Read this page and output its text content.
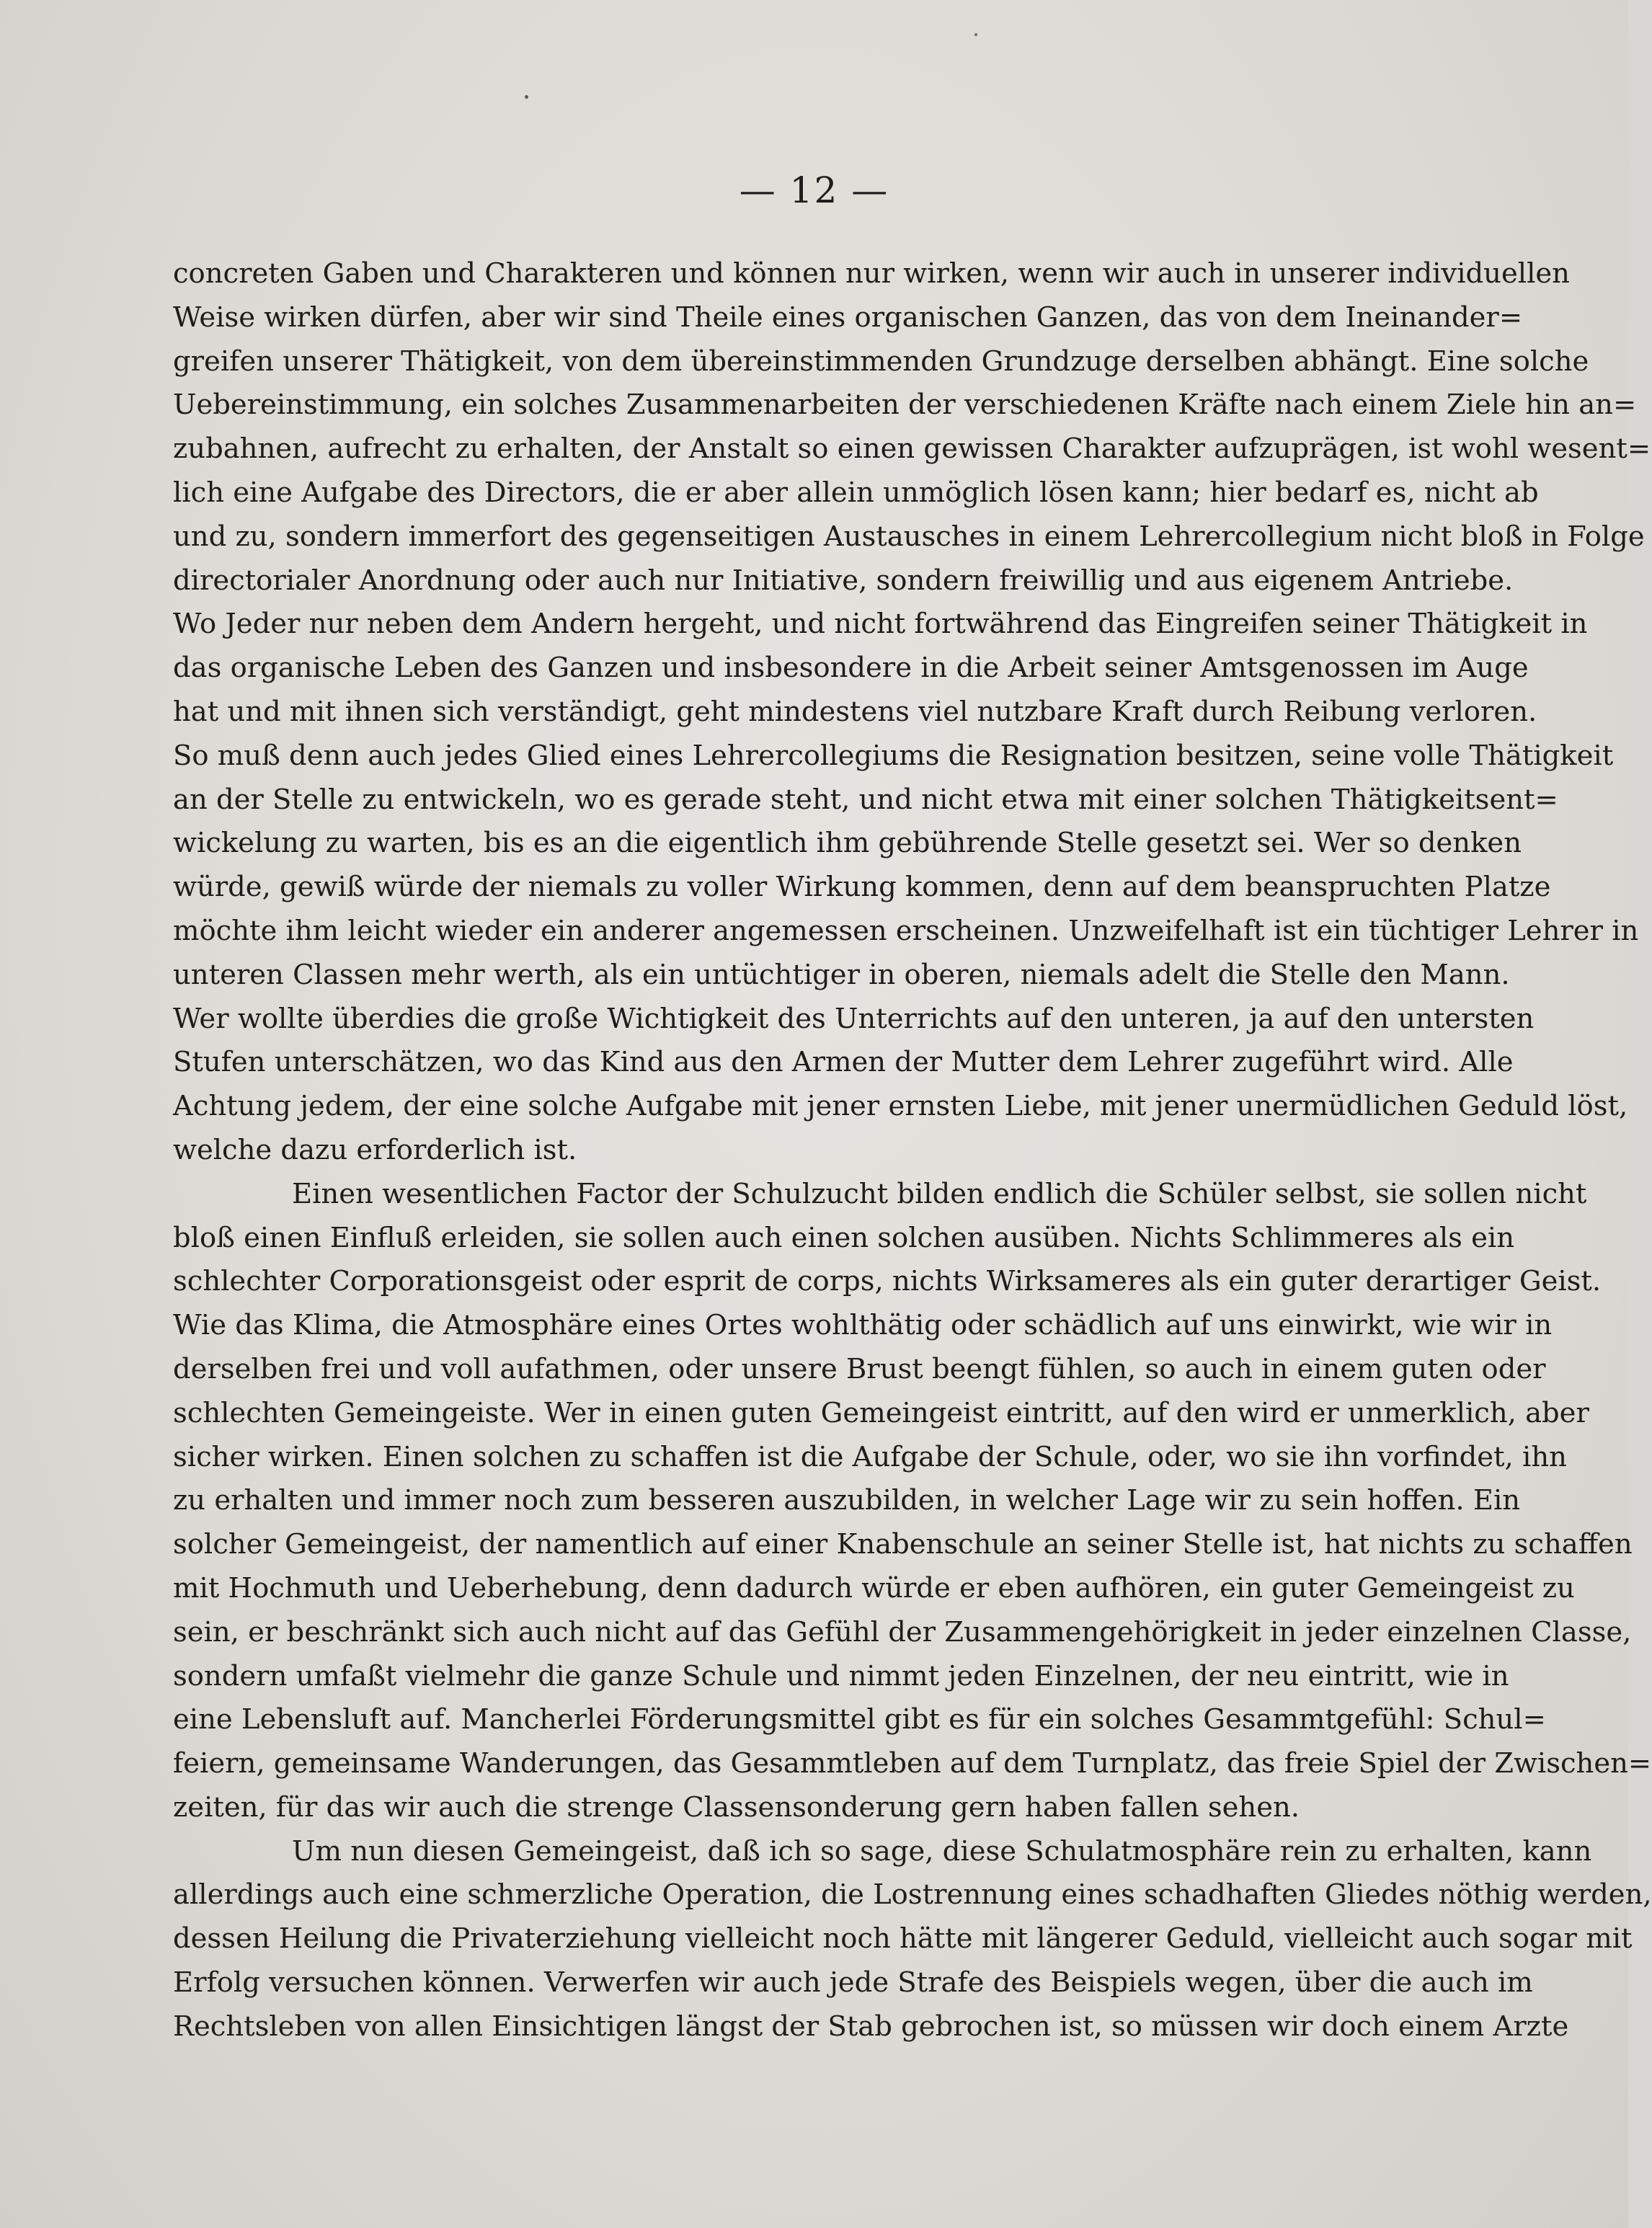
— 12 —
concreten Gaben und Charakteren und können nur wirken, wenn wir auch in unserer individuellen
Weise wirken dürfen, aber wir sind Theile eines organischen Ganzen, das von dem Ineinander=
greifen unserer Thätigkeit, von dem übereinstimmenden Grundzuge derselben abhängt. Eine solche
Uebereinstimmung, ein solches Zusammenarbeiten der verschiedenen Kräfte nach einem Ziele hin an=
zubahnen, aufrecht zu erhalten, der Anstalt so einen gewissen Charakter aufzuprägen, ist wohl wesent=
lich eine Aufgabe des Directors, die er aber allein unmöglich lösen kann; hier bedarf es, nicht ab
und zu, sondern immerfort des gegenseitigen Austausches in einem Lehrercollegium nicht bloß in Folge
directorialer Anordnung oder auch nur Initiative, sondern freiwillig und aus eigenem Antriebe.
Wo Jeder nur neben dem Andern hergeht, und nicht fortwährend das Eingreifen seiner Thätigkeit in
das organische Leben des Ganzen und insbesondere in die Arbeit seiner Amtsgenossen im Auge
hat und mit ihnen sich verständigt, geht mindestens viel nutzbare Kraft durch Reibung verloren.
So muß denn auch jedes Glied eines Lehrercollegiums die Resignation besitzen, seine volle Thätigkeit
an der Stelle zu entwickeln, wo es gerade steht, und nicht etwa mit einer solchen Thätigkeitsent=
wickelung zu warten, bis es an die eigentlich ihm gebührende Stelle gesetzt sei. Wer so denken
würde, gewiß würde der niemals zu voller Wirkung kommen, denn auf dem beanspruchten Platze
möchte ihm leicht wieder ein anderer angemessen erscheinen. Unzweifelhaft ist ein tüchtiger Lehrer in
unteren Classen mehr werth, als ein untüchtiger in oberen, niemals adelt die Stelle den Mann.
Wer wollte überdies die große Wichtigkeit des Unterrichts auf den unteren, ja auf den untersten
Stufen unterschätzen, wo das Kind aus den Armen der Mutter dem Lehrer zugeführt wird. Alle
Achtung jedem, der eine solche Aufgabe mit jener ernsten Liebe, mit jener unermüdlichen Geduld löst,
welche dazu erforderlich ist.
Einen wesentlichen Factor der Schulzucht bilden endlich die Schüler selbst, sie sollen nicht
bloß einen Einfluß erleiden, sie sollen auch einen solchen ausüben. Nichts Schlimmeres als ein
schlechter Corporationsgeist oder esprit de corps, nichts Wirksameres als ein guter derartiger Geist.
Wie das Klima, die Atmosphäre eines Ortes wohlthätig oder schädlich auf uns einwirkt, wie wir in
derselben frei und voll aufathmen, oder unsere Brust beengt fühlen, so auch in einem guten oder
schlechten Gemeingeiste. Wer in einen guten Gemeingeist eintritt, auf den wird er unmerklich, aber
sicher wirken. Einen solchen zu schaffen ist die Aufgabe der Schule, oder, wo sie ihn vorfindet, ihn
zu erhalten und immer noch zum besseren auszubilden, in welcher Lage wir zu sein hoffen. Ein
solcher Gemeingeist, der namentlich auf einer Knabenschule an seiner Stelle ist, hat nichts zu schaffen
mit Hochmuth und Ueberhebung, denn dadurch würde er eben aufhören, ein guter Gemeingeist zu
sein, er beschränkt sich auch nicht auf das Gefühl der Zusammengehörigkeit in jeder einzelnen Classe,
sondern umfaßt vielmehr die ganze Schule und nimmt jeden Einzelnen, der neu eintritt, wie in
eine Lebensluft auf. Mancherlei Förderungsmittel gibt es für ein solches Gesammtgefühl: Schul=
feiern, gemeinsame Wanderungen, das Gesammtleben auf dem Turnplatz, das freie Spiel der Zwischen=
zeiten, für das wir auch die strenge Classensonderung gern haben fallen sehen.
Um nun diesen Gemeingeist, daß ich so sage, diese Schulatmosphäre rein zu erhalten, kann
allerdings auch eine schmerzliche Operation, die Lostrennung eines schadhaften Gliedes nöthig werden,
dessen Heilung die Privaterziehung vielleicht noch hätte mit längerer Geduld, vielleicht auch sogar mit
Erfolg versuchen können. Verwerfen wir auch jede Strafe des Beispiels wegen, über die auch im
Rechtsleben von allen Einsichtigen längst der Stab gebrochen ist, so müssen wir doch einem Arzte
